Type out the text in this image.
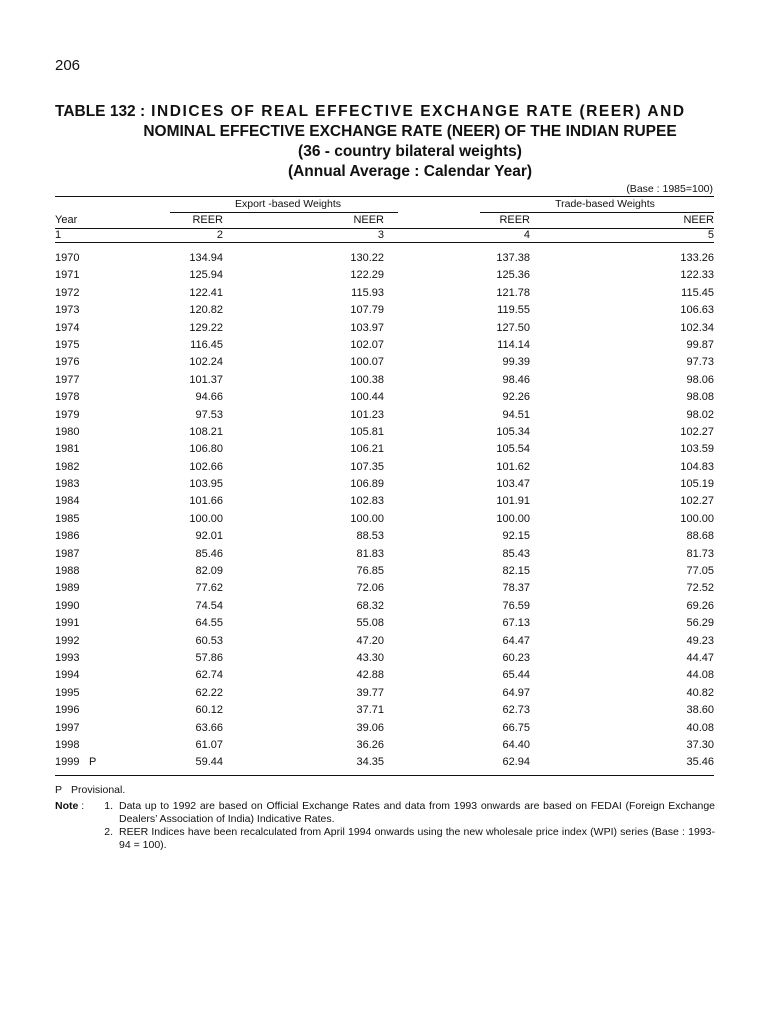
206
TABLE 132 : INDICES OF REAL EFFECTIVE EXCHANGE RATE (REER) AND
NOMINAL EFFECTIVE EXCHANGE RATE (NEER) OF THE INDIAN RUPEE
(36 - country bilateral weights)
(Annual Average : Calendar Year)
(Base : 1985=100)
Export -based Weights	Trade-based Weights
Year	REER	NEER	REER	NEER
1	2	3	4	5
1970	134.94	130.22	137.38	133.26
1971	125.94	122.29	125.36	122.33
1972	122.41	115.93	121.78	115.45
1973	120.82	107.79	119.55	106.63
1974	129.22	103.97	127.50	102.34
1975	116.45	102.07	114.14	99.87
1976	102.24	100.07	99.39	97.73
1977	101.37	100.38	98.46	98.06
1978	94.66	100.44	92.26	98.08
1979	97.53	101.23	94.51	98.02
1980	108.21	105.81	105.34	102.27
1981	106.80	106.21	105.54	103.59
1982	102.66	107.35	101.62	104.83
1983	103.95	106.89	103.47	105.19
1984	101.66	102.83	101.91	102.27
1985	100.00	100.00	100.00	100.00
1986	92.01	88.53	92.15	88.68
1987	85.46	81.83	85.43	81.73
1988	82.09	76.85	82.15	77.05
1989	77.62	72.06	78.37	72.52
1990	74.54	68.32	76.59	69.26
1991	64.55	55.08	67.13	56.29
1992	60.53	47.20	64.47	49.23
1993	57.86	43.30	60.23	44.47
1994	62.74	42.88	65.44	44.08
1995	62.22	39.77	64.97	40.82
1996	60.12	37.71	62.73	38.60
1997	63.66	39.06	66.75	40.08
1998	61.07	36.26	64.40	37.30
1999 P	59.44	34.35	62.94	35.46
P Provisional.
Note :	1. Data up to 1992 are based on Official Exchange Rates and data from 1993 onwards are based on FEDAI (Foreign Exchange Dealers’ Association of India) Indicative Rates.
2. REER Indices have been recalculated from April 1994 onwards using the new wholesale price index (WPI) series (Base : 1993-94 = 100).
